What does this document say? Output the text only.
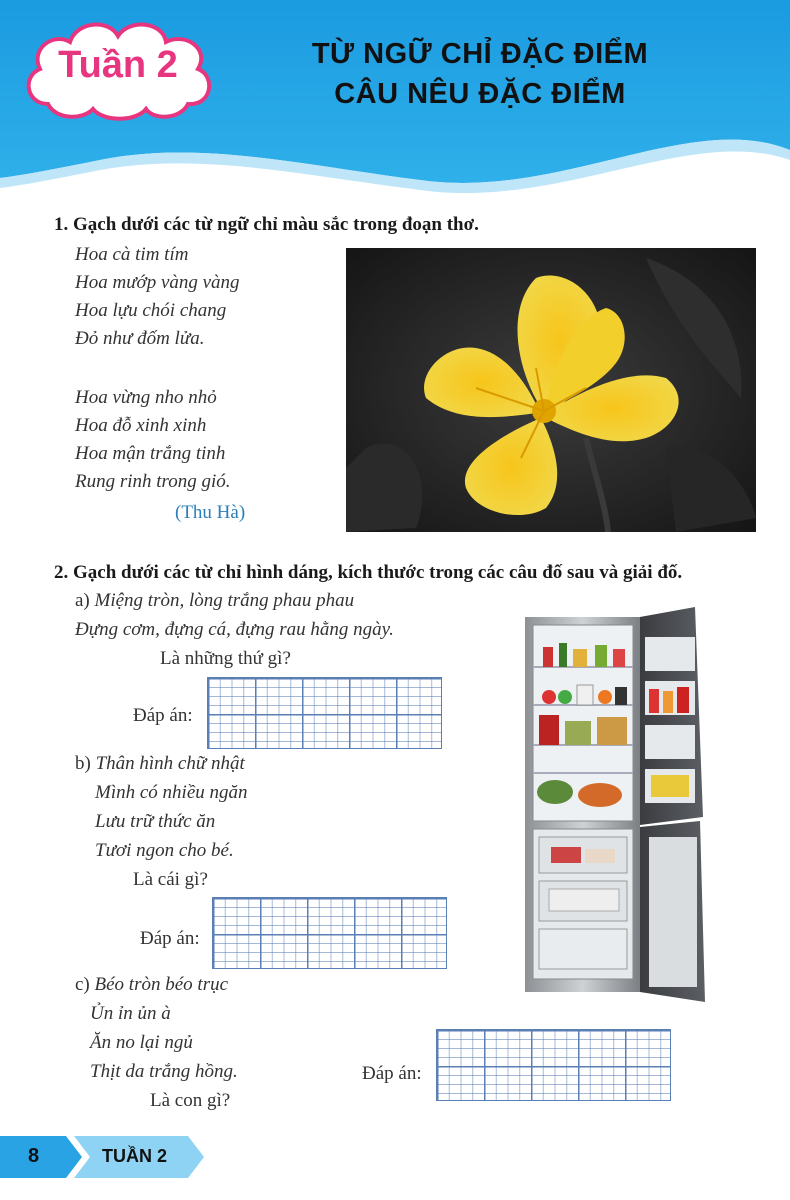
Tuần 2	TỪ NGỮ CHỈ ĐẶC ĐIỂM
CÂU NÊU ĐẶC ĐIỂM
1. Gạch dưới các từ ngữ chỉ màu sắc trong đoạn thơ.
Hoa cà tim tím
Hoa mướp vàng vàng
Hoa lựu chói chang
Đỏ như đốm lửa.
Hoa vừng nho nhỏ
Hoa đỗ xinh xinh
Hoa mận trắng tinh
Rung rinh trong gió.
(Thu Hà)
2. Gạch dưới các từ chỉ hình dáng, kích thước trong các câu đố sau và giải đố.
a) Miệng tròn, lòng trắng phau phau
Đựng cơm, đựng cá, đựng rau hằng ngày.
Là những thứ gì?
Đáp án:
b) Thân hình chữ nhật
Mình có nhiều ngăn
Lưu trữ thức ăn
Tươi ngon cho bé.
Là cái gì?
Đáp án:
c) Béo tròn béo trục
Ủn ỉn ủn à
Ăn no lại ngủ
Thịt da trắng hồng.
Là con gì?
Đáp án:
8	TUẦN 2
